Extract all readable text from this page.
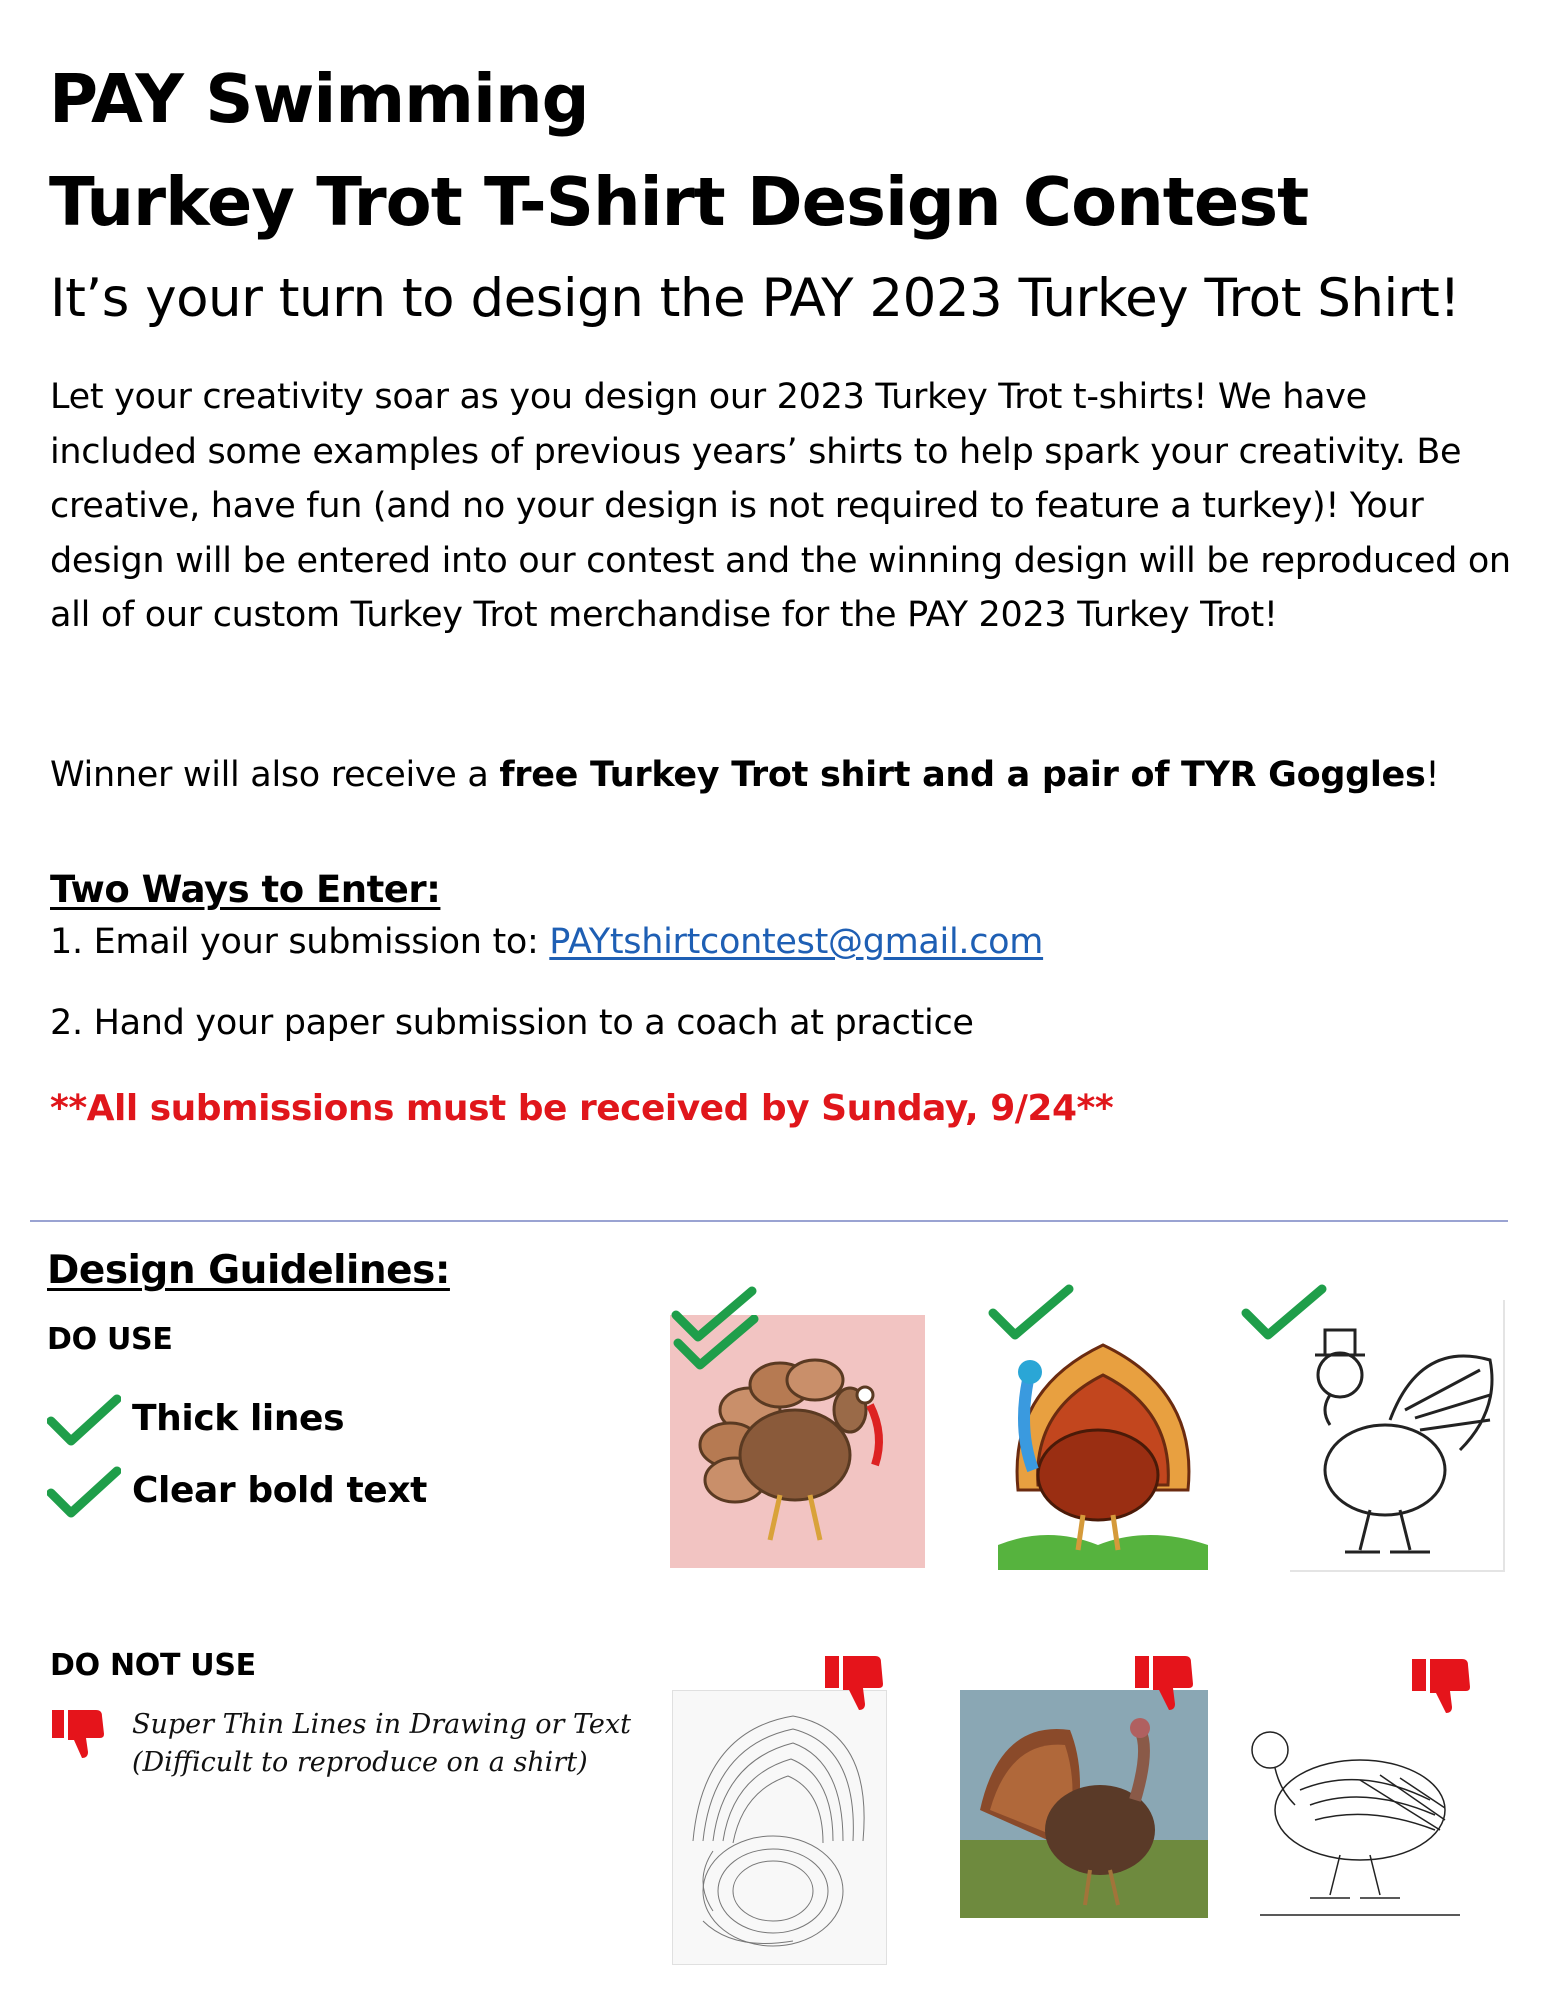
PAY Swimming
Turkey Trot T-Shirt Design Contest
It’s your turn to design the PAY 2023 Turkey Trot Shirt!
Let your creativity soar as you design our 2023 Turkey Trot t-shirts! We have included some examples of previous years’ shirts to help spark your creativity. Be creative, have fun (and no your design is not required to feature a turkey)! Your design will be entered into our contest and the winning design will be reproduced on all of our custom Turkey Trot merchandise for the PAY 2023 Turkey Trot!
Winner will also receive a free Turkey Trot shirt and a pair of TYR Goggles!
Two Ways to Enter:
1. Email your submission to: PAYtshirtcontest@gmail.com
2. Hand your paper submission to a coach at practice
**All submissions must be received by Sunday, 9/24**
Design Guidelines:
DO USE
Thick lines
Clear bold text
DO NOT USE
Super Thin Lines in Drawing or Text
(Difficult to reproduce on a shirt)
